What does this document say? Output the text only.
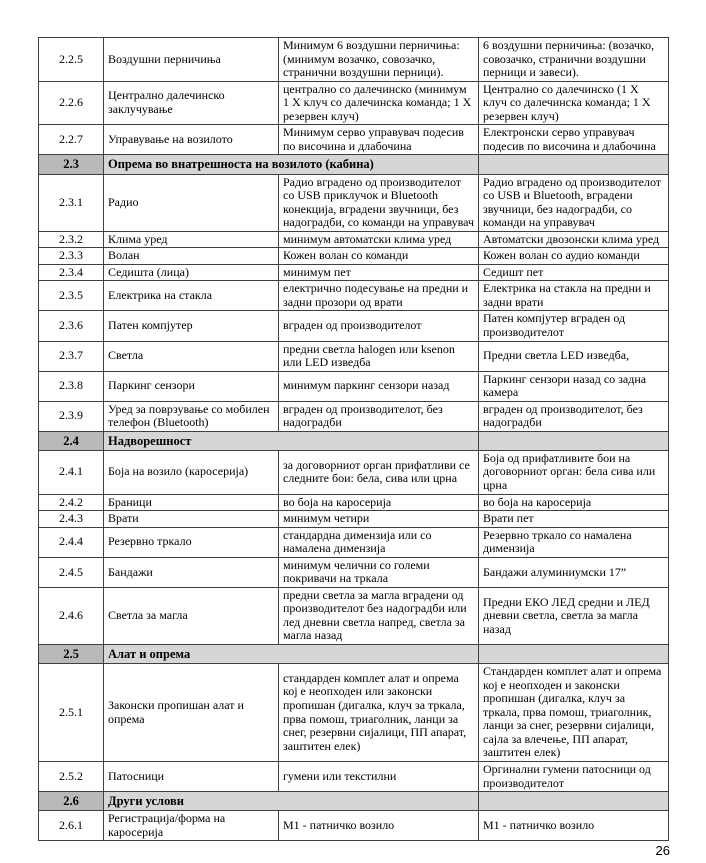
2.2.5	Воздушни перничиња	Минимум 6 воздушни перничиња: (минимум возачко, совозачко, странични воздушни перници).	6 воздушни перничиња: (возачко, совозачко, странични воздушни перници и завеси).
2.2.6	Централно далечинско заклучување	централно со далечинско (минимум 1 Х клуч со далечинска команда; 1 Х резервен клуч)	Централно со далечинско (1 Х клуч со далечинска команда; 1 Х резервен клуч)
2.2.7	Управување на возилото	Минимум серво управувач подесив по височина и длабочина	Електронски серво управувач подесив по височина и длабочина
2.3	Опрема во внатрешноста на возилото (кабина)		
2.3.1	Радио	Радио вградено од производителот со USB приклучок и Bluetooth конекција, вградени звучници, без надоградби, со команди на управувач	Радио вградено од производителот со USB и Bluetooth, вградени звучници, без надоградби, со команди на управувач
2.3.2	Клима уред	минимум автоматски клима уред	Автоматски двозонски клима уред
2.3.3	Волан	Кожен волан со команди	Кожен волан со аудио команди
2.3.4	Седишта (лица)	минимум пет	Седишт пет
2.3.5	Електрика на стакла	електрично подесување на предни и задни прозори од врати	Електрика на стакла на предни и задни врати
2.3.6	Патен компјутер	вграден од производителот	Патен компјутер вграден од производителот
2.3.7	Светла	предни светла halogen или ksenon или LED изведба	Предни светла LED изведба,
2.3.8	Паркинг сензори	минимум паркинг сензори назад	Паркинг сензори назад со задна камера
2.3.9	Уред за поврзување со мобилен телефон (Bluetooth)	вграден од производителот, без надоградби	вграден од производителот, без надоградби
2.4	Надворешност		
2.4.1	Боја на возило (каросерија)	за договорниот орган прифатливи се следните бои: бела, сива или црна	Боја од прифатливите бои на договорниот орган: бела сива или црна
2.4.2	Браници	во боја на каросерија	во боја на каросерија
2.4.3	Врати	минимум четири	Врати пет
2.4.4	Резервно тркало	стандардна димензија или со намалена димензија	Резервно тркало со намалена димензија
2.4.5	Бандажи	минимум челични со големи покривачи на тркала	Бандажи алуминиумски 17”
2.4.6	Светла за магла	предни светла за магла вградени од производителот без надоградби или лед дневни светла напред, светла за магла назад	Предни ЕКО ЛЕД средни и ЛЕД дневни светла, светла за магла назад
2.5	Алат и опрема		
2.5.1	Законски пропишан алат и опрема	стандарден комплет алат и опрема кој е неопходен или законски пропишан (дигалка, клуч за тркала, прва помош, триаголник, ланци за снег, резервни сијалици, ПП апарат, заштитен елек)	Стандарден комплет алат и опрема кој е неопходен и законски пропишан (дигалка, клуч за тркала, прва помош, триаголник, ланци за снег, резервни сијалици, сајла за влечење, ПП апарат, заштитен елек)
2.5.2	Патосници	гумени или текстилни	Оргинални гумени патосници од производителот
2.6	Други услови		
2.6.1	Регистрација/форма на каросерија	М1 - патничко возило	М1 - патничко возило
26
